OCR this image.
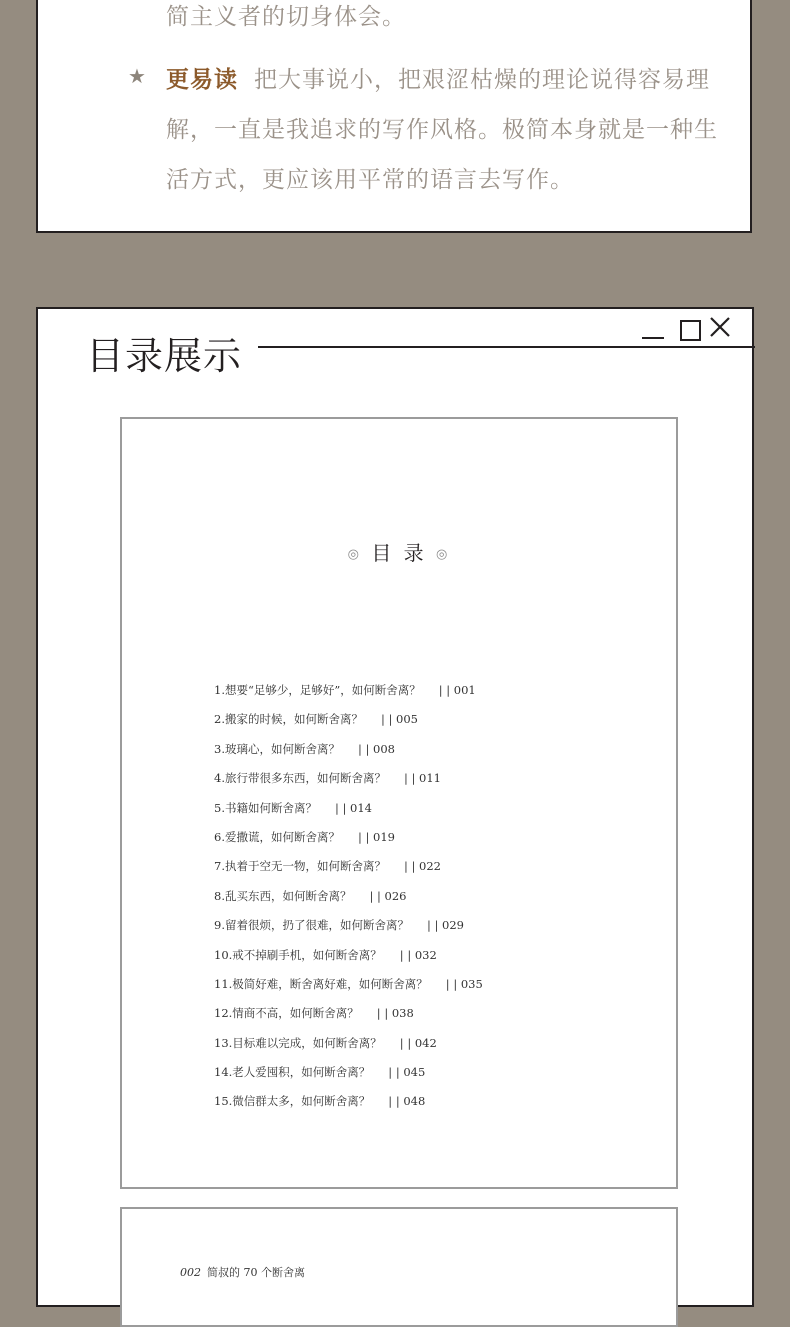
简主义者的切身体会。
★ 更易读 把大事说小，把艰涩枯燥的理论说得容易理
解，一直是我追求的写作风格。极简本身就是一种生
活方式，更应该用平常的语言去写作。
目录展示
◎ 目 录 ◎
1.想要“足够少，足够好”，如何断舍离？ | | 001
2.搬家的时候，如何断舍离？ | | 005
3.玻璃心，如何断舍离？ | | 008
4.旅行带很多东西，如何断舍离？ | | 011
5.书籍如何断舍离？ | | 014
6.爱撒谎，如何断舍离？ | | 019
7.执着于空无一物，如何断舍离？ | | 022
8.乱买东西，如何断舍离？ | | 026
9.留着很烦，扔了很难，如何断舍离？ | | 029
10.戒不掉刷手机，如何断舍离？ | | 032
11.极简好难，断舍离好难，如何断舍离？ | | 035
12.情商不高，如何断舍离？ | | 038
13.目标难以完成，如何断舍离？ | | 042
14.老人爱囤积，如何断舍离？ | | 045
15.微信群太多，如何断舍离？ | | 048
002 简叔的 70 个断舍离
